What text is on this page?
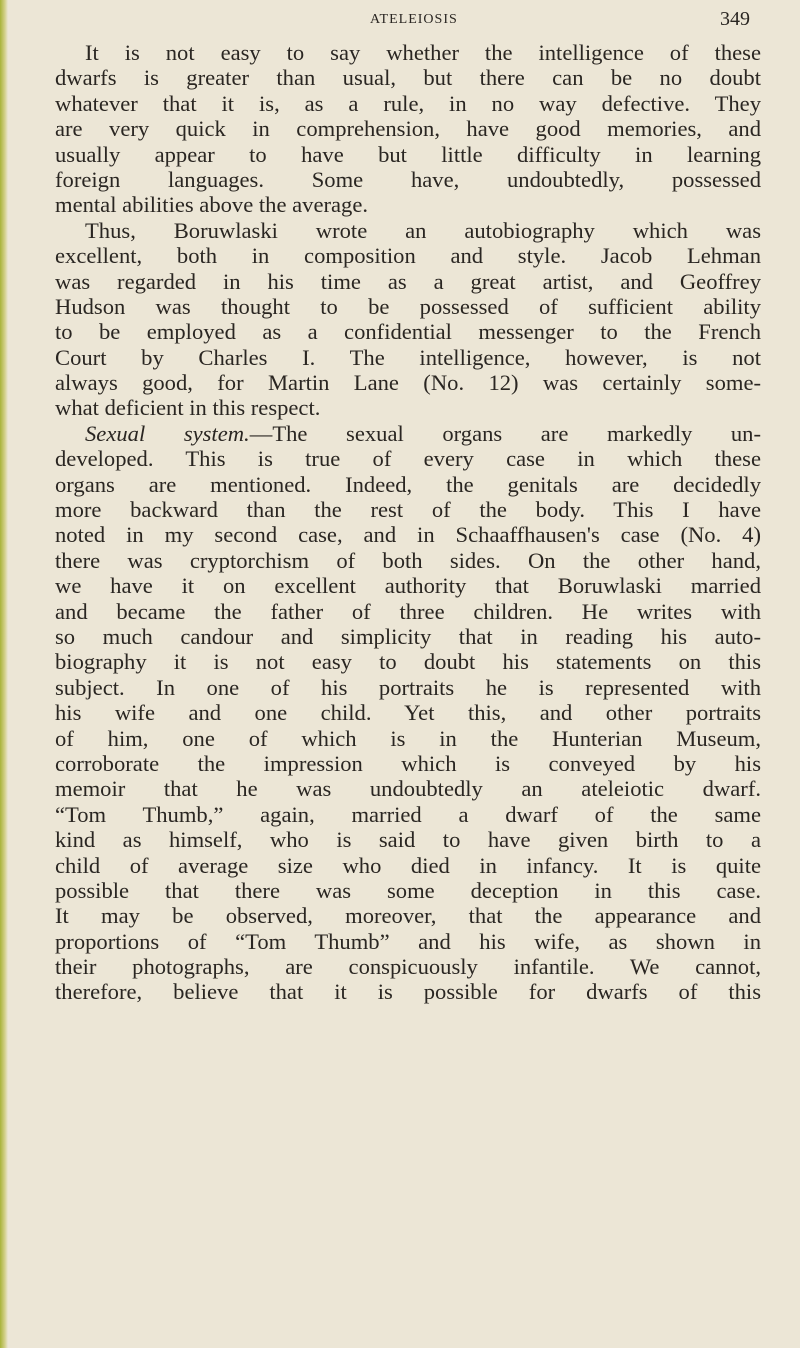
ATELEIOSIS	349
It is not easy to say whether the intelligence of these
dwarfs is greater than usual, but there can be no doubt
whatever that it is, as a rule, in no way defective. They
are very quick in comprehension, have good memories, and
usually appear to have but little difficulty in learning
foreign languages. Some have, undoubtedly, possessed
mental abilities above the average.
Thus, Boruwlaski wrote an autobiography which was
excellent, both in composition and style. Jacob Lehman
was regarded in his time as a great artist, and Geoffrey
Hudson was thought to be possessed of sufficient ability
to be employed as a confidential messenger to the French
Court by Charles I. The intelligence, however, is not
always good, for Martin Lane (No. 12) was certainly some-
what deficient in this respect.
Sexual system.—The sexual organs are markedly un-
developed. This is true of every case in which these
organs are mentioned. Indeed, the genitals are decidedly
more backward than the rest of the body. This I have
noted in my second case, and in Schaaffhausen's case (No. 4)
there was cryptorchism of both sides. On the other hand,
we have it on excellent authority that Boruwlaski married
and became the father of three children. He writes with
so much candour and simplicity that in reading his auto-
biography it is not easy to doubt his statements on this
subject. In one of his portraits he is represented with
his wife and one child. Yet this, and other portraits
of him, one of which is in the Hunterian Museum,
corroborate the impression which is conveyed by his
memoir that he was undoubtedly an ateleiotic dwarf.
“Tom Thumb,” again, married a dwarf of the same
kind as himself, who is said to have given birth to a
child of average size who died in infancy. It is quite
possible that there was some deception in this case.
It may be observed, moreover, that the appearance and
proportions of “Tom Thumb” and his wife, as shown in
their photographs, are conspicuously infantile. We cannot,
therefore, believe that it is possible for dwarfs of this
